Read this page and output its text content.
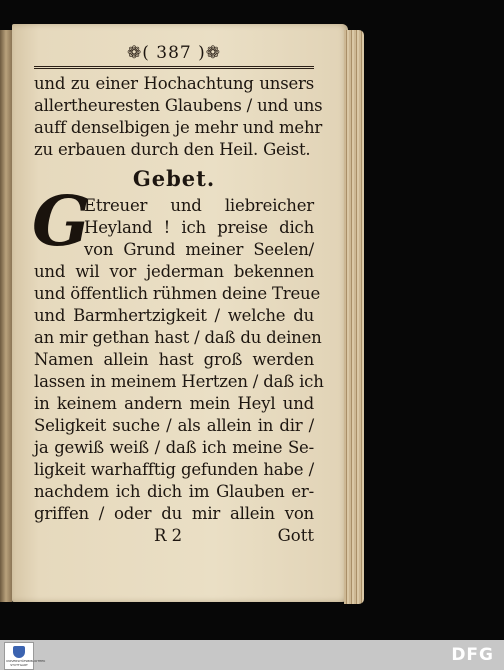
❁( 387 )❁
und zu einer Hochachtung unsers
allertheuresten Glaubens / und uns
auff denselbigen je mehr und mehr
zu erbauen durch den Heil. Geist.
Gebet.
G
Etreuer und liebreicher
Heyland ! ich preise dich
von Grund meiner Seelen/
und wil vor jederman bekennen
und öffentlich rühmen deine Treue
und Barmhertzigkeit / welche du
an mir gethan hast / daß du deinen
Namen allein hast groß werden
lassen in meinem Hertzen / daß ich
in keinem andern mein Heyl und
Seligkeit suche / als allein in dir /
ja gewiß weiß / daß ich meine Se-
ligkeit warhafftig gefunden habe /
nachdem ich dich im Glauben er-
griffen / oder du mir allein von
R 2	Gott
UNIVERSITÄTSBIBLIOTHEK STUTTGART	DFG
